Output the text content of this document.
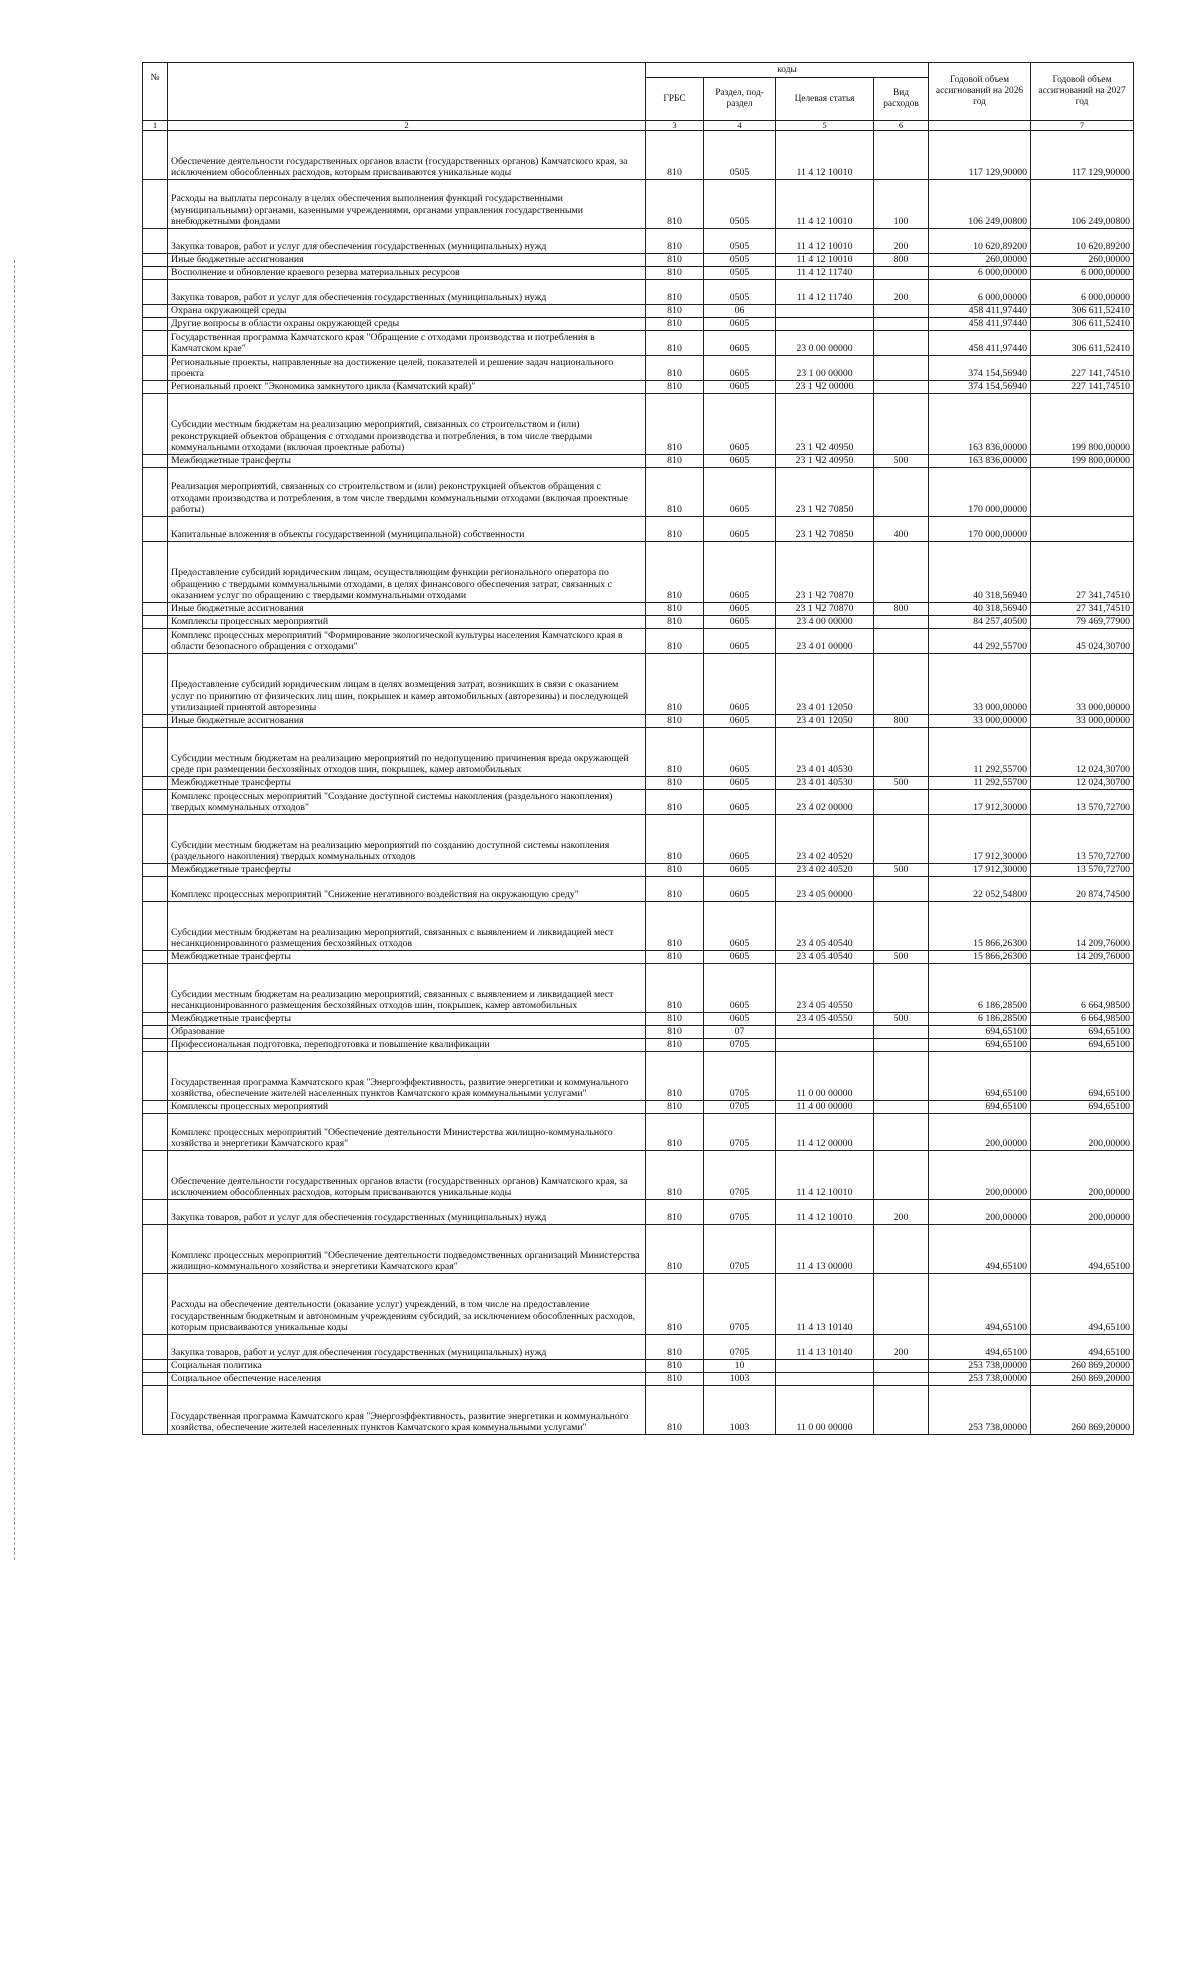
№		коды				Годовой объем ассигнований на 2026 год	Годовой объем ассигнований на 2027 год
		ГРБС	Раздел, под-раздел	Целевая статья	Вид расходов		
1	2	3	4	5	6		7
	Обеспечение деятельности государственных органов власти (государственных органов) Камчатского края, за исключением обособленных расходов, которым присваиваются уникальные коды	810	0505	11 4 12 10010		117 129,90000	117 129,90000
	Расходы на выплаты персоналу в целях обеспечения выполнения функций государственными (муниципальными) органами, казенными учреждениями, органами управления государственными внебюджетными фондами	810	0505	11 4 12 10010	100	106 249,00800	106 249,00800
	Закупка товаров, работ и услуг для обеспечения государственных (муниципальных) нужд	810	0505	11 4 12 10010	200	10 620,89200	10 620,89200
	Иные бюджетные ассигнования	810	0505	11 4 12 10010	800	260,00000	260,00000
	Восполнение и обновление краевого резерва материальных ресурсов	810	0505	11 4 12 11740		6 000,00000	6 000,00000
	Закупка товаров, работ и услуг для обеспечения государственных (муниципальных) нужд	810	0505	11 4 12 11740	200	6 000,00000	6 000,00000
	Охрана окружающей среды	810	06			458 411,97440	306 611,52410
	Другие вопросы в области охраны окружающей среды	810	0605			458 411,97440	306 611,52410
	Государственная программа Камчатского края "Обращение с отходами производства и потребления в Камчатском крае"	810	0605	23 0 00 00000		458 411,97440	306 611,52410
	Региональные проекты, направленные на достижение целей, показателей и решение задач национального проекта	810	0605	23 1 00 00000		374 154,56940	227 141,74510
	Региональный проект "Экономика замкнутого цикла (Камчатский край)"	810	0605	23 1 Ч2 00000		374 154,56940	227 141,74510
	Субсидии местным бюджетам на реализацию мероприятий, связанных со строительством и (или) реконструкцией объектов обращения с отходами производства и потребления, в том числе твердыми коммунальными отходами (включая проектные работы)	810	0605	23 1 Ч2 40950		163 836,00000	199 800,00000
	Межбюджетные трансферты	810	0605	23 1 Ч2 40950	500	163 836,00000	199 800,00000
	Реализация мероприятий, связанных со строительством и (или) реконструкцией объектов обращения с отходами производства и потребления, в том числе твердыми коммунальными отходами (включая проектные работы)	810	0605	23 1 Ч2 70850		170 000,00000	
	Капитальные вложения в объекты государственной (муниципальной) собственности	810	0605	23 1 Ч2 70850	400	170 000,00000	
	Предоставление субсидий юридическим лицам, осуществляющим функции регионального оператора по обращению с твердыми коммунальными отходами, в целях финансового обеспечения затрат, связанных с оказанием услуг по обращению с твердыми коммунальными отходами	810	0605	23 1 Ч2 70870		40 318,56940	27 341,74510
	Иные бюджетные ассигнования	810	0605	23 1 Ч2 70870	800	40 318,56940	27 341,74510
	Комплексы процессных мероприятий	810	0605	23 4 00 00000		84 257,40500	79 469,77900
	Комплекс процессных мероприятий "Формирование экологической культуры населения Камчатского края в области безопасного обращения с отходами"	810	0605	23 4 01 00000		44 292,55700	45 024,30700
	Предоставление субсидий юридическим лицам в целях возмещения затрат, возникших в связи с оказанием услуг по принятию от физических лиц шин, покрышек и камер автомобильных (авторезины) и последующей утилизацией принятой авторезины	810	0605	23 4 01 12050		33 000,00000	33 000,00000
	Иные бюджетные ассигнования	810	0605	23 4 01 12050	800	33 000,00000	33 000,00000
	Субсидии местным бюджетам на реализацию мероприятий по недопущению причинения вреда окружающей среде при размещении бесхозяйных отходов шин, покрышек, камер автомобильных	810	0605	23 4 01 40530		11 292,55700	12 024,30700
	Межбюджетные трансферты	810	0605	23 4 01 40530	500	11 292,55700	12 024,30700
	Комплекс процессных мероприятий "Создание доступной системы накопления (раздельного накопления) твердых коммунальных отходов"	810	0605	23 4 02 00000		17 912,30000	13 570,72700
	Субсидии местным бюджетам на реализацию мероприятий по созданию доступной системы накопления (раздельного накопления) твердых коммунальных отходов	810	0605	23 4 02 40520		17 912,30000	13 570,72700
	Межбюджетные трансферты	810	0605	23 4 02 40520	500	17 912,30000	13 570,72700
	Комплекс процессных мероприятий "Снижение негативного воздействия на окружающую среду"	810	0605	23 4 05 00000		22 052,54800	20 874,74500
	Субсидии местным бюджетам на реализацию мероприятий, связанных с выявлением и ликвидацией мест несанкционированного размещения бесхозяйных отходов	810	0605	23 4 05 40540		15 866,26300	14 209,76000
	Межбюджетные трансферты	810	0605	23 4 05 40540	500	15 866,26300	14 209,76000
	Субсидии местным бюджетам на реализацию мероприятий, связанных с выявлением и ликвидацией мест несанкционированного размещения бесхозяйных отходов шин, покрышек, камер автомобильных	810	0605	23 4 05 40550		6 186,28500	6 664,98500
	Межбюджетные трансферты	810	0605	23 4 05 40550	500	6 186,28500	6 664,98500
	Образование	810	07			694,65100	694,65100
	Профессиональная подготовка, переподготовка и повышение квалификации	810	0705			694,65100	694,65100
	Государственная программа Камчатского края "Энергоэффективность, развитие энергетики и коммунального хозяйства, обеспечение жителей населенных пунктов Камчатского края коммунальными услугами"	810	0705	11 0 00 00000		694,65100	694,65100
	Комплексы процессных мероприятий	810	0705	11 4 00 00000		694,65100	694,65100
	Комплекс процессных мероприятий "Обеспечение деятельности Министерства жилищно-коммунального хозяйства и энергетики Камчатского края"	810	0705	11 4 12 00000		200,00000	200,00000
	Обеспечение деятельности государственных органов власти (государственных органов) Камчатского края, за исключением обособленных расходов, которым присваиваются уникальные коды	810	0705	11 4 12 10010		200,00000	200,00000
	Закупка товаров, работ и услуг для обеспечения государственных (муниципальных) нужд	810	0705	11 4 12 10010	200	200,00000	200,00000
	Комплекс процессных мероприятий "Обеспечение деятельности подведомственных организаций Министерства жилищно-коммунального хозяйства и энергетики Камчатского края"	810	0705	11 4 13 00000		494,65100	494,65100
	Расходы на обеспечение деятельности (оказание услуг) учреждений, в том числе на предоставление государственным бюджетным и автономным учреждениям субсидий, за исключением обособленных расходов, которым присваиваются уникальные коды	810	0705	11 4 13 10140		494,65100	494,65100
	Закупка товаров, работ и услуг для обеспечения государственных (муниципальных) нужд	810	0705	11 4 13 10140	200	494,65100	494,65100
	Социальная политика	810	10			253 738,00000	260 869,20000
	Социальное обеспечение населения	810	1003			253 738,00000	260 869,20000
	Государственная программа Камчатского края "Энергоэффективность, развитие энергетики и коммунального хозяйства, обеспечение жителей населенных пунктов Камчатского края коммунальными услугами"	810	1003	11 0 00 00000		253 738,00000	260 869,20000
